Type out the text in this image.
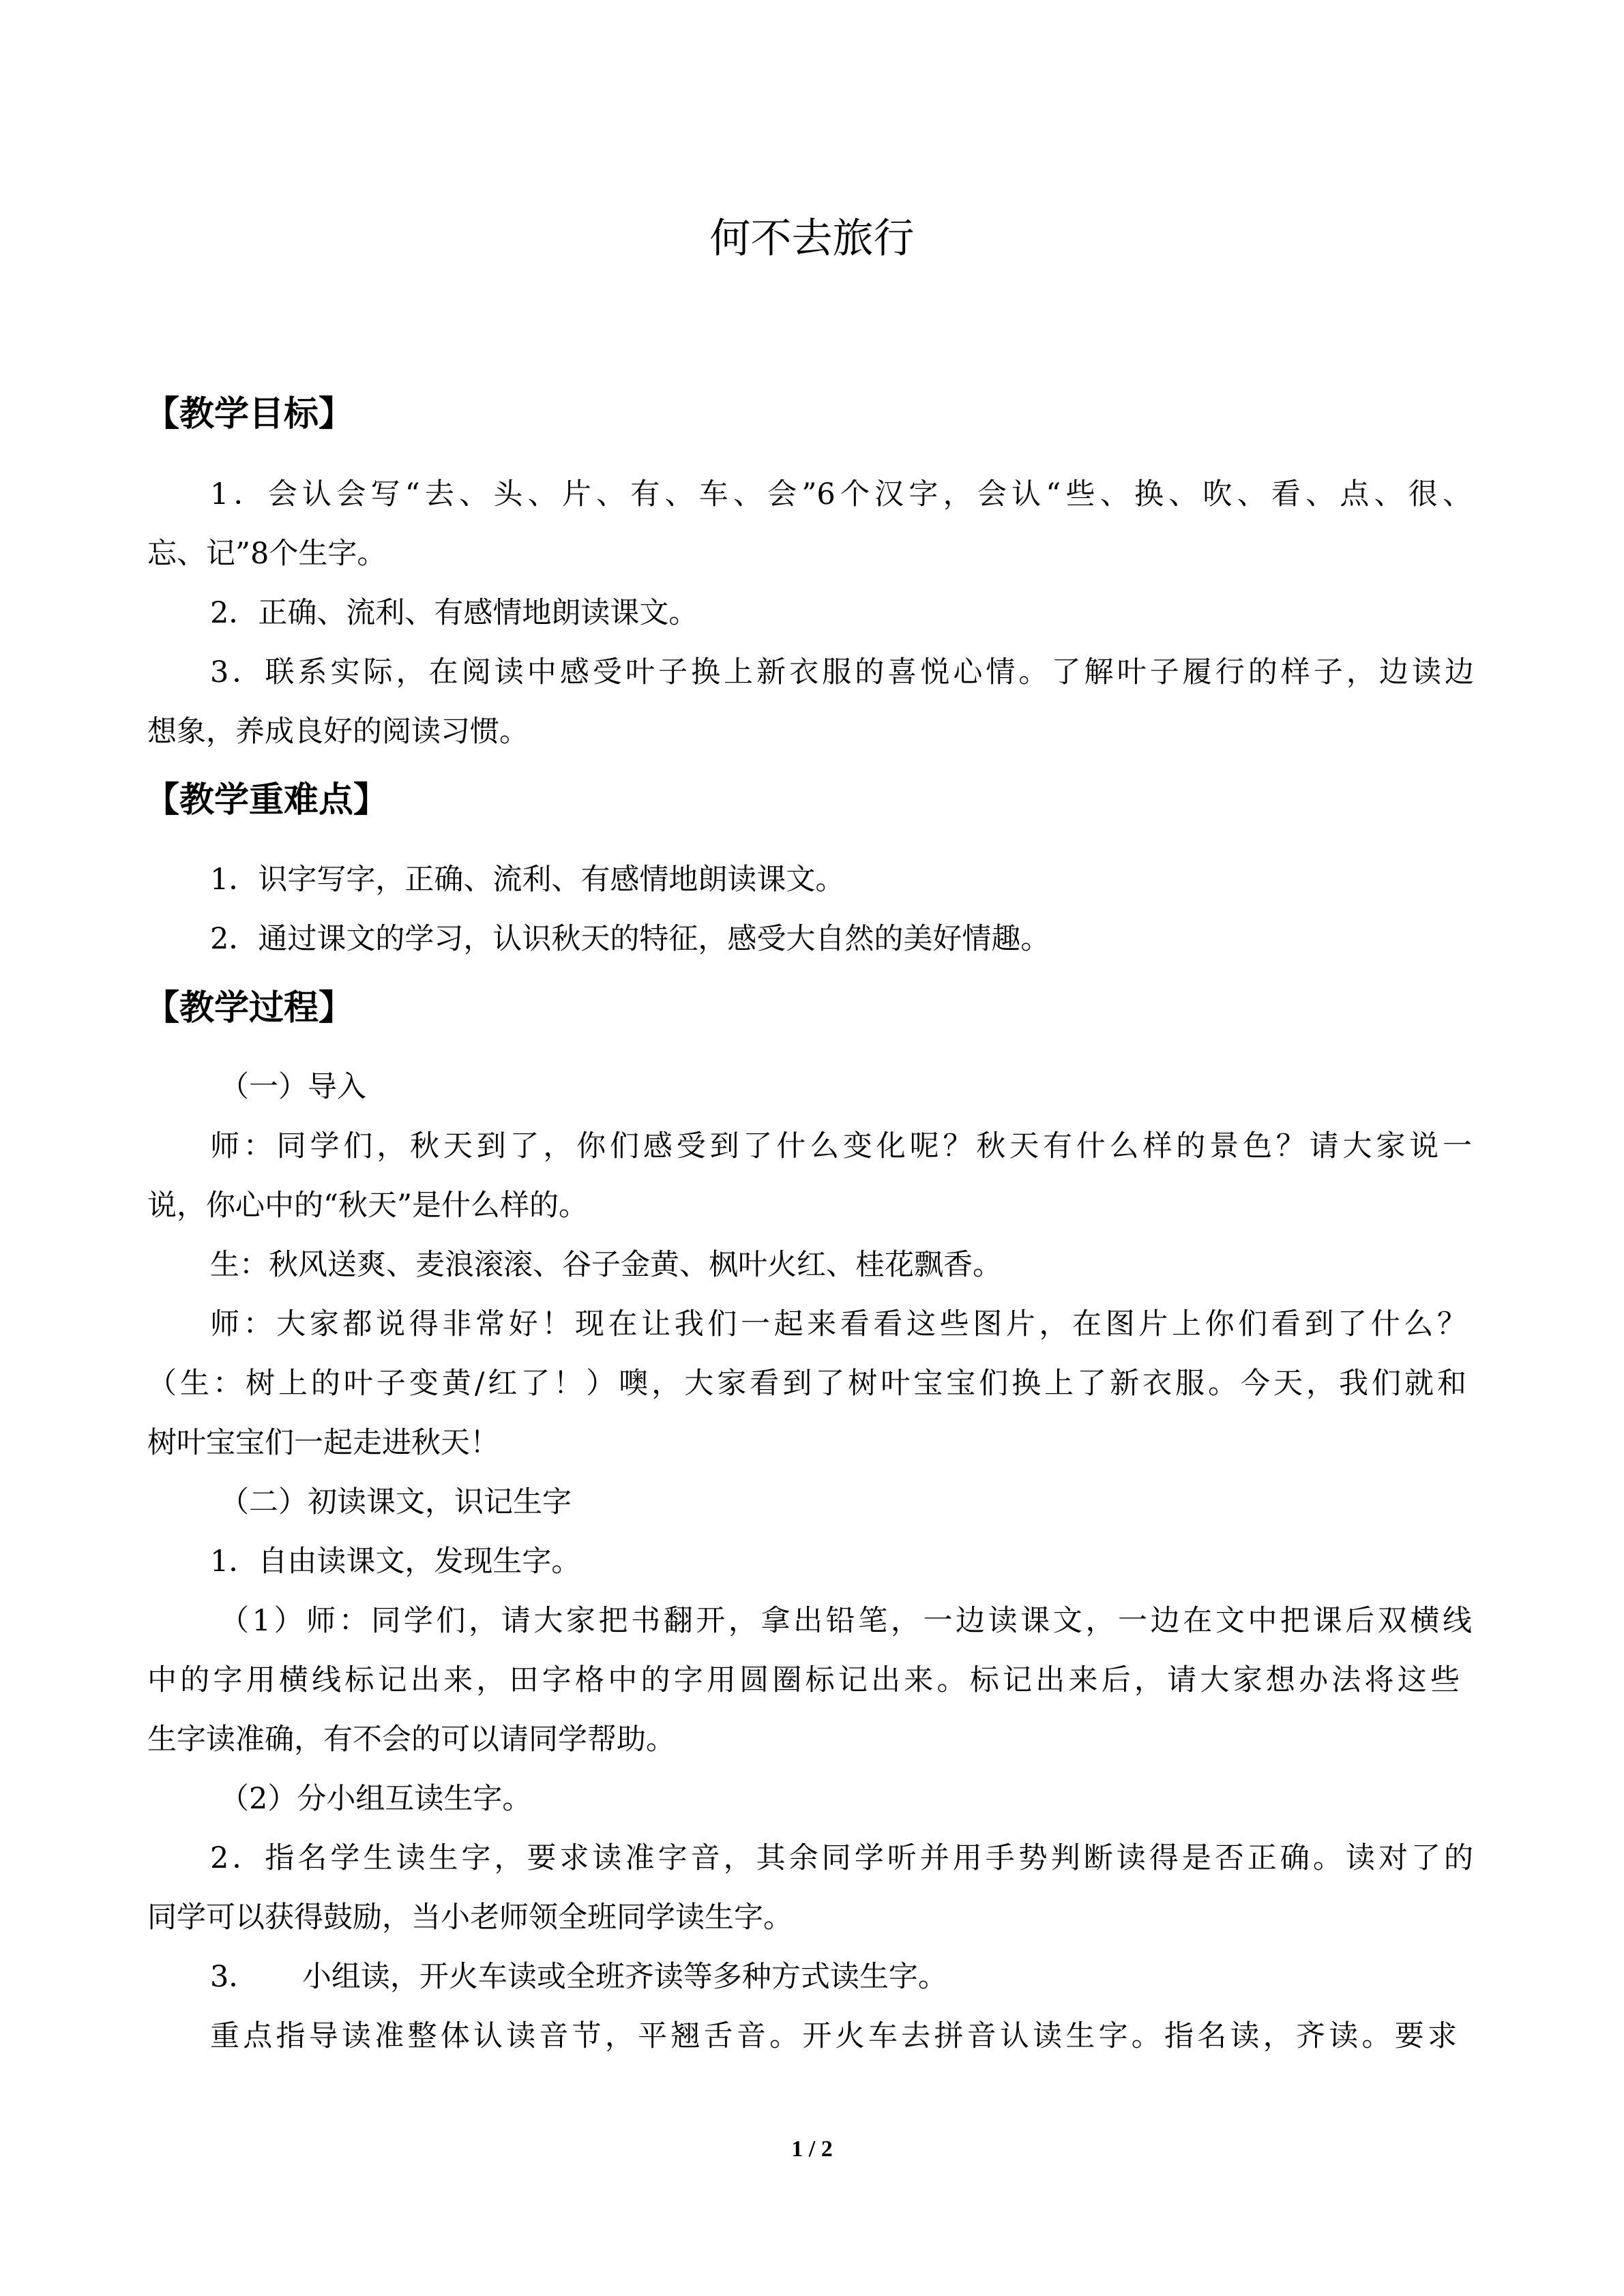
何不去旅行
【教学目标】

1．会认会写“去、头、片、有、车、会”6个汉字，会认“些、换、吹、看、点、很、

忘、记”8个生字。

2．正确、流利、有感情地朗读课文。

3．联系实际，在阅读中感受叶子换上新衣服的喜悦心情。了解叶子履行的样子，边读边

想象，养成良好的阅读习惯。

【教学重难点】

1．识字写字，正确、流利、有感情地朗读课文。

2．通过课文的学习，认识秋天的特征，感受大自然的美好情趣。

【教学过程】

（一）导入

师：同学们，秋天到了，你们感受到了什么变化呢？秋天有什么样的景色？请大家说一

说，你心中的“秋天”是什么样的。

生：秋风送爽、麦浪滚滚、谷子金黄、枫叶火红、桂花飘香。

师：大家都说得非常好！现在让我们一起来看看这些图片，在图片上你们看到了什么？

（生：树上的叶子变黄/红了！）噢，大家看到了树叶宝宝们换上了新衣服。今天，我们就和

树叶宝宝们一起走进秋天！

（二）初读课文，识记生字

1．自由读课文，发现生字。

（1）师：同学们，请大家把书翻开，拿出铅笔，一边读课文，一边在文中把课后双横线

中的字用横线标记出来，田字格中的字用圆圈标记出来。标记出来后，请大家想办法将这些

生字读准确，有不会的可以请同学帮助。

（2）分小组互读生字。

2．指名学生读生字，要求读准字音，其余同学听并用手势判断读得是否正确。读对了的

同学可以获得鼓励，当小老师领全班同学读生字。

3．　　小组读，开火车读或全班齐读等多种方式读生字。

重点指导读准整体认读音节，平翘舌音。开火车去拼音认读生字。指名读，齐读。要求

1 / 2
